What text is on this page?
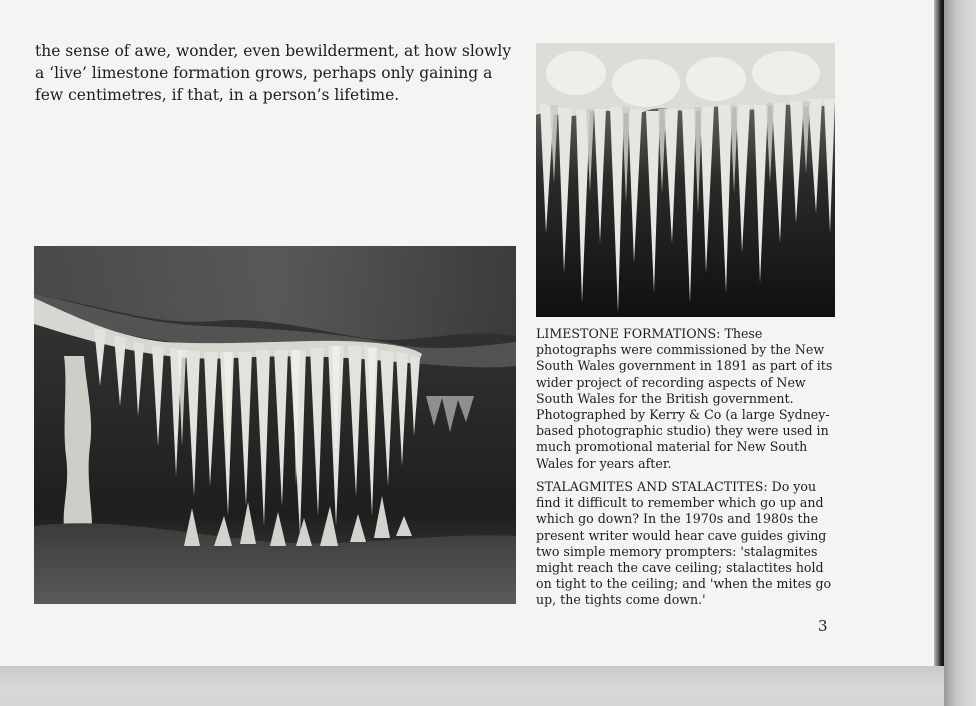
the sense of awe, wonder, even bewilderment, at how slowly a ‘live’ limestone formation grows, perhaps only gaining a few centimetres, if that, in a person’s lifetime.

LIMESTONE FORMATIONS: These photographs were commissioned by the New South Wales government in 1891 as part of its wider project of recording aspects of New South Wales for the British government. Photographed by Kerry & Co (a large Sydney-based photographic studio) they were used in much promotional material for New South Wales for years after.

STALAGMITES AND STALACTITES: Do you find it difficult to remember which go up and which go down? In the 1970s and 1980s the present writer would hear cave guides giving two simple memory prompters: 'stalagmites might reach the cave ceiling; stalactites hold on tight to the ceiling; and 'when the mites go up, the tights come down.'

3
